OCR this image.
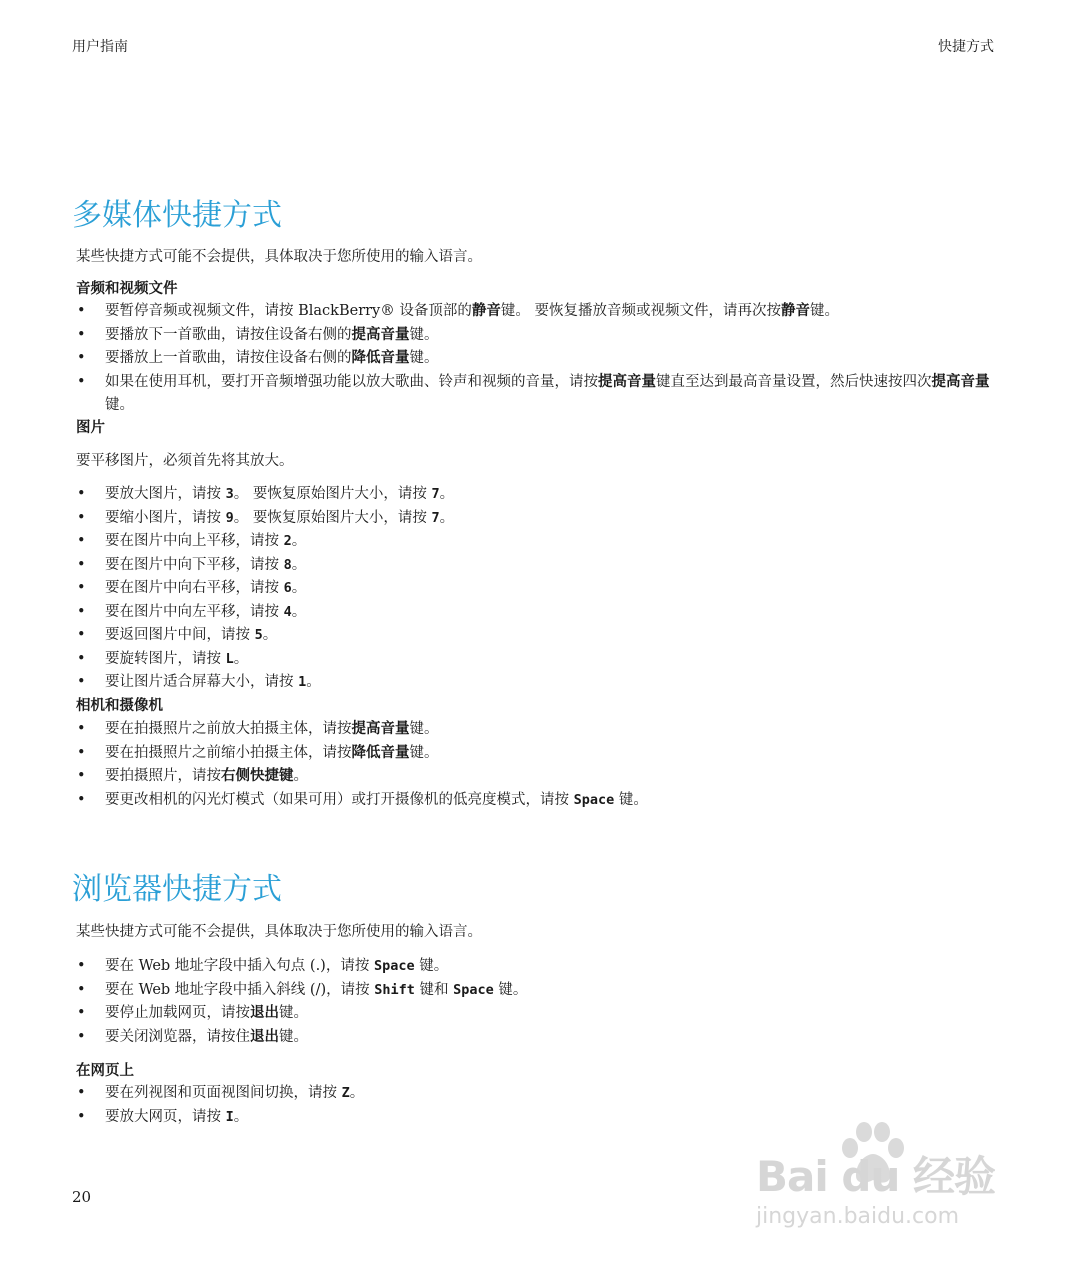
用户指南	快捷方式
多媒体快捷方式

某些快捷方式可能不会提供，具体取决于您所使用的输入语言。

音频和视频文件
• 要暂停音频或视频文件，请按 BlackBerry® 设备顶部的静音键。 要恢复播放音频或视频文件，请再次按静音键。
• 要播放下一首歌曲，请按住设备右侧的提高音量键。
• 要播放上一首歌曲，请按住设备右侧的降低音量键。
• 如果在使用耳机，要打开音频增强功能以放大歌曲、铃声和视频的音量，请按提高音量键直至达到最高音量设置，然后快速按四次提高音量键。
图片

要平移图片，必须首先将其放大。

• 要放大图片，请按 3。 要恢复原始图片大小，请按 7。
• 要缩小图片，请按 9。 要恢复原始图片大小，请按 7。
• 要在图片中向上平移，请按 2。
• 要在图片中向下平移，请按 8。
• 要在图片中向右平移，请按 6。
• 要在图片中向左平移，请按 4。
• 要返回图片中间，请按 5。
• 要旋转图片，请按 L。
• 要让图片适合屏幕大小，请按 1。
相机和摄像机
• 要在拍摄照片之前放大拍摄主体，请按提高音量键。
• 要在拍摄照片之前缩小拍摄主体，请按降低音量键。
• 要拍摄照片，请按右侧快捷键。
• 要更改相机的闪光灯模式（如果可用）或打开摄像机的低亮度模式，请按 Space 键。
浏览器快捷方式

某些快捷方式可能不会提供，具体取决于您所使用的输入语言。

• 要在 Web 地址字段中插入句点 (.)，请按 Space 键。
• 要在 Web 地址字段中插入斜线 (/)，请按 Shift 键和 Space 键。
• 要停止加载网页，请按退出键。
• 要关闭浏览器，请按住退出键。
在网页上
• 要在列视图和页面视图间切换，请按 Z。
• 要放大网页，请按 I。
20	Bai du 经验
jingyan.baidu.com
